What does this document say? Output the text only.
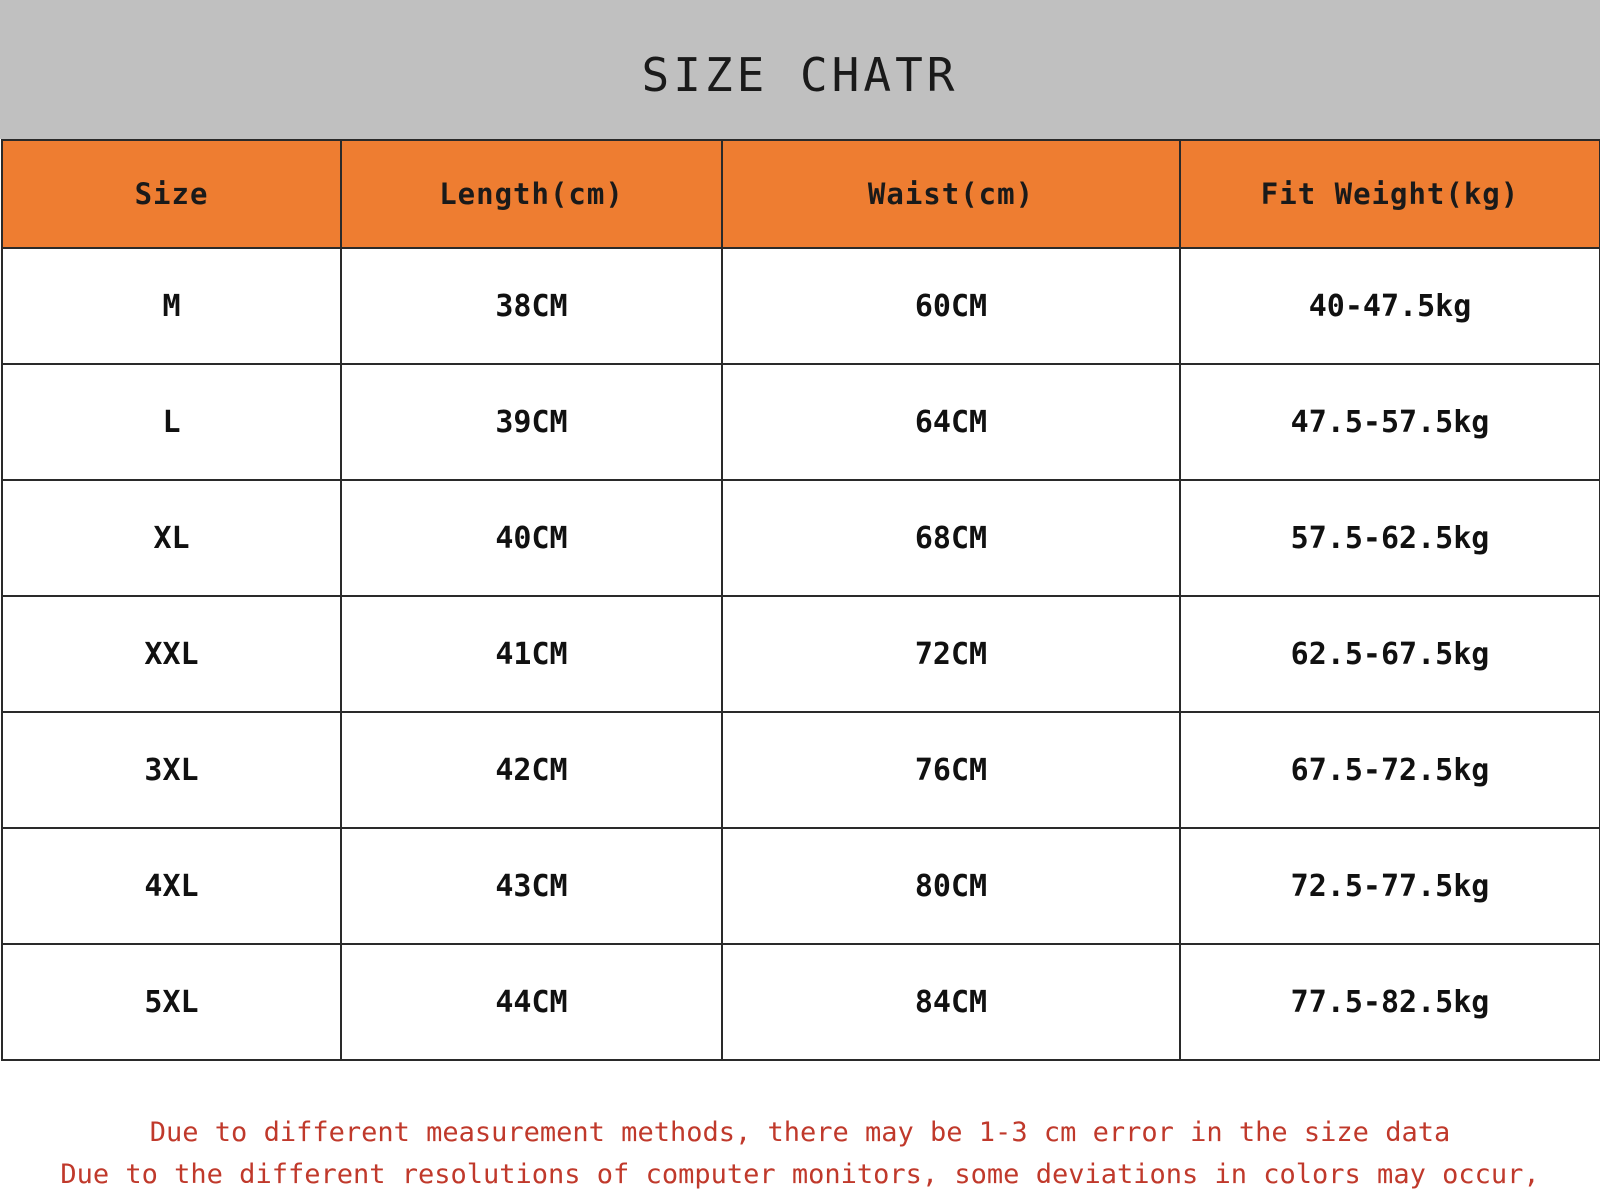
SIZE CHATR
Size	Length(cm)	Waist(cm)	Fit Weight(kg)
M	38CM	60CM	40-47.5kg
L	39CM	64CM	47.5-57.5kg
XL	40CM	68CM	57.5-62.5kg
XXL	41CM	72CM	62.5-67.5kg
3XL	42CM	76CM	67.5-72.5kg
4XL	43CM	80CM	72.5-77.5kg
5XL	44CM	84CM	77.5-82.5kg
Due to different measurement methods, there may be 1-3 cm error in the size data
Due to the different resolutions of computer monitors, some deviations in colors may occur,
